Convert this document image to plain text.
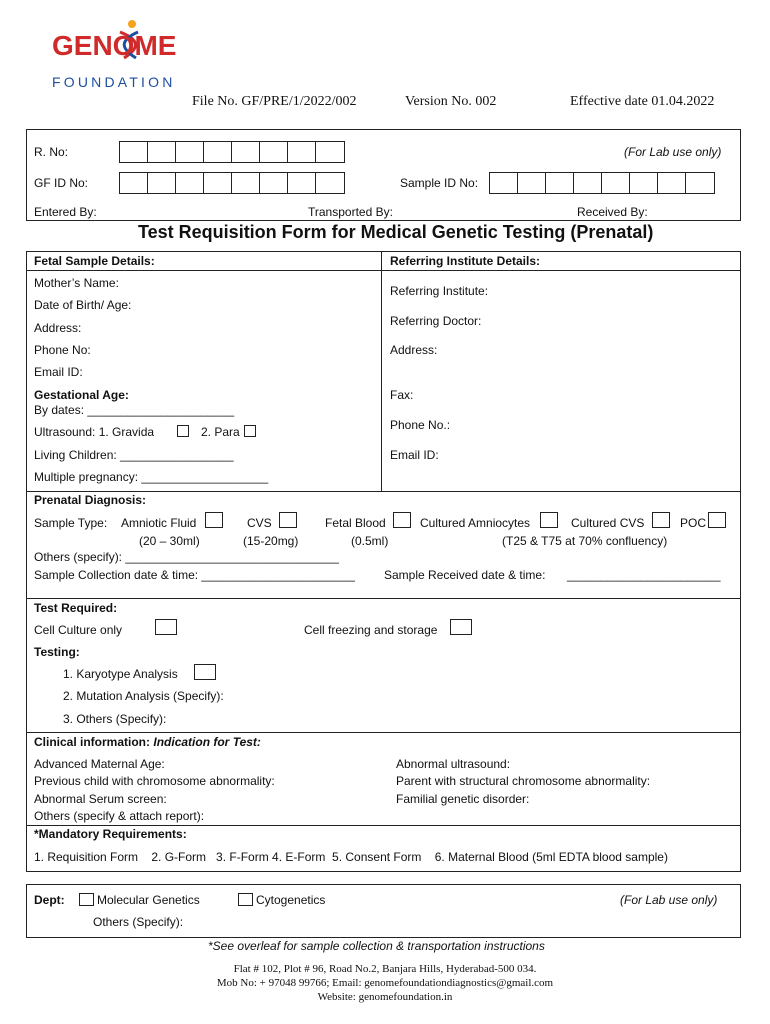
GENOME
FOUNDATION
File No. GF/PRE/1/2022/002	Version No. 002	Effective date 01.04.2022
R. No:	(For Lab use only)
GF ID No:	Sample ID No:
Entered By:	Transported By:	Received By:
Test Requisition Form for Medical Genetic Testing (Prenatal)
Fetal Sample Details:
Mother’s Name:
Date of Birth/ Age:
Address:
Phone No:
Email ID:
Gestational Age:
By dates: ______________________
Ultrasound: 1. Gravida	2. Para
Living Children: _________________
Multiple pregnancy: ___________________
Referring Institute Details:
Referring Institute:
Referring Doctor:
Address:
Fax:
Phone No.:
Email ID:
Prenatal Diagnosis:
Sample Type: Amniotic Fluid
(20 – 30ml)
CVS
(15-20mg)
Fetal Blood
(0.5ml)
Cultured Amniocytes	Cultured CVS	POC
(T25 & T75 at 70% confluency)
Others (specify): ________________________________
Sample Collection date & time: _______________________ Sample Received date & time: _______________________
Test Required:
Cell Culture only	Cell freezing and storage
Testing:
1. Karyotype Analysis
2. Mutation Analysis (Specify):
3. Others (Specify):
Clinical information: Indication for Test:
Advanced Maternal Age:
Previous child with chromosome abnormality:
Abnormal Serum screen:
Others (specify & attach report):
Abnormal ultrasound:
Parent with structural chromosome abnormality:
Familial genetic disorder:
*Mandatory Requirements:
1. Requisition Form    2. G-Form   3. F-Form 4. E-Form  5. Consent Form    6. Maternal Blood (5ml EDTA blood sample)
Dept:	Molecular Genetics	Cytogenetics	(For Lab use only)
Others (Specify):
*See overleaf for sample collection & transportation instructions
Flat # 102, Plot # 96, Road No.2, Banjara Hills, Hyderabad-500 034.
Mob No: + 97048 99766; Email: genomefoundationdiagnostics@gmail.com
Website: genomefoundation.in
